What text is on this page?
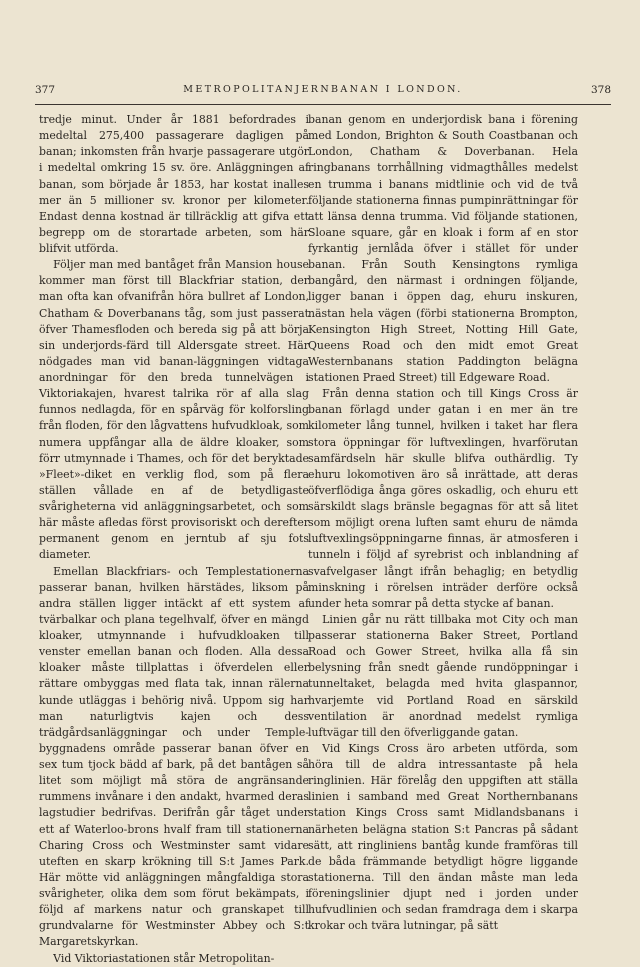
377	METROPOLITANJERNBANAN I LONDON.	378

tredje minut. Under år 1881 befordrades i medeltal 275,400 passagerare dagligen på banan; inkomsten från hvarje passagerare utgör i medeltal omkring 15 sv. öre. Anläggningen af banan, som började år 1853, har kostat inalles mer än 5 millioner sv. kronor per kilometer. Endast denna kostnad är tillräcklig att gifva ett begrepp om de storartade arbeten, som här blifvit utförda.

Följer man med bantåget från Mansion house kommer man först till Blackfriar station, der man ofta kan ofvanifrån höra bullret af London, Chatham & Doverbanans tåg, som just passerat öfver Thamesfloden och bereda sig på att börja sin underjords-färd till Aldersgate street. Här nödgades man vid banan-läggningen vidtaga anordningar för den breda tunnelvägen i Viktoriakajen, hvarest talrika rör af alla slag funnos nedlagda, för en spårväg för kolforsling från floden, för den lågvattens hufvudkloak, som numera uppfångar alla de äldre kloaker, som förr utmynnade i Thames, och för det beryktade »Fleet»-diket en verklig flod, som på flera ställen vållade en af de betydligaste svårigheterna vid anläggningsarbetet, och som här måste afledas först provisoriskt och derefter permanent genom en jerntub af sju fots diameter.

Emellan Blackfriars- och Templestationerna passerar banan, hvilken härstädes, liksom på andra ställen ligger intäckt af ett system af tvärbalkar och plana tegelhvalf, öfver en mängd kloaker, utmynnande i hufvudkloaken till venster emellan banan och floden. Alla dessa kloaker måste tillplattas i öfverdelen eller rättare ombyggas med flata tak, innan rälerna kunde utläggas i behörig nivå. Uppom sig har man naturligtvis kajen och dess trädgårdsanläggningar och under Temple-byggnadens område passerar banan öfver en sex tum tjock bädd af bark, på det bantågen så litet som möjligt må störa de angränsande rummens invånare i den andakt, hvarmed deras lagstudier bedrifvas. Derifrån går tåget under ett af Waterloo-brons hvalf fram till stationerna Charing Cross och Westminster samt vidare uteften en skarp krökning till S:t James Park. Här mötte vid anläggningen mångfaldiga stora svårigheter, olika dem som förut bekämpats, i följd af markens natur och granskapet till grundvalarne för Westminster Abbey och S:t Margaretskyrkan.

Vid Viktoriastationen står Metropolitan-

banan genom en underjordisk bana i förening med London, Brighton & South Coastbanan och London, Chatham & Doverbanan. Hela ringbanans torrhållning vidmagthålles medelst en trumma i banans midtlinie och vid de två följande stationerna finnas pumpinrättningar för att länsa denna trumma. Vid följande stationen, Sloane square, går en kloak i form af en stor fyrkantig jernlåda öfver i stället för under banan. Från South Kensingtons rymliga bangård, den närmast i ordningen följande, ligger banan i öppen dag, ehuru inskuren, nästan hela vägen (förbi stationerna Brompton, Kensington High Street, Notting Hill Gate, Queens Road och den midt emot Great Westernbanans station Paddington belägna stationen Praed Street) till Edgeware Road.

Från denna station och till Kings Cross är banan förlagd under gatan i en mer än tre kilometer lång tunnel, hvilken i taket har flera stora öppningar för luftvexlingen, hvarförutan samfärdseln här skulle blifva outhärdlig. Ty ehuru lokomotiven äro så inrättade, att deras öfverflödiga ånga göres oskadlig, och ehuru ett särskildt slags bränsle begagnas för att så litet som möjligt orena luften samt ehuru de nämda luftvexlingsöppningarne finnas, är atmosferen i tunneln i följd af syrebrist och inblandning af svafvelgaser långt ifrån behaglig; en betydlig minskning i rörelsen inträder derföre också under heta somrar på detta stycke af banan.

Linien går nu rätt tillbaka mot City och man passerar stationerna Baker Street, Portland Road och Gower Street, hvilka alla få sin belysning från snedt gående rundöppningar i tunneltaket, belagda med hvita glaspannor, hvarjemte vid Portland Road en särskild ventilation är anordnad medelst rymliga luftvägar till den öfverliggande gatan.

Vid Kings Cross äro arbeten utförda, som höra till de aldra intressantaste på hela ringlinien. Här förelåg den uppgiften att ställa linien i samband med Great Northernbanans station Kings Cross samt Midlandsbanans i närheten belägna station S:t Pancras på sådant sätt, att ringliniens bantåg kunde framföras till de båda främmande betydligt högre liggande stationerna. Till den ändan måste man leda föreningslinier djupt ned i jorden under hufvudlinien och sedan framdraga dem i skarpa krokar och tvära lutningar, på sätt
